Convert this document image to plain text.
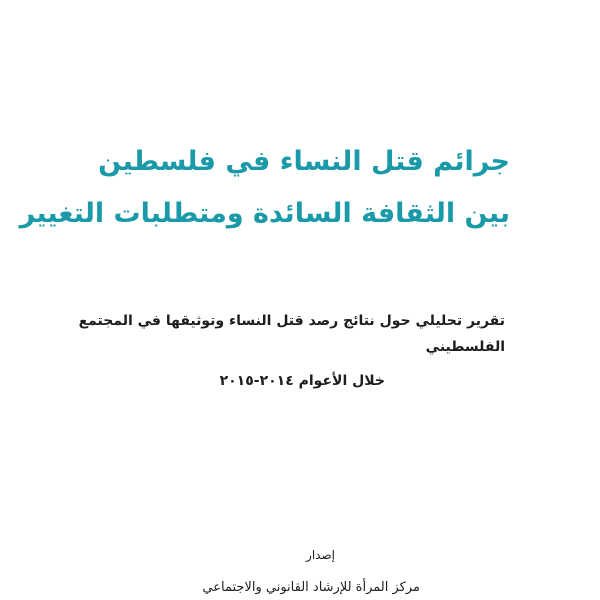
جرائم قتل النساء في فلسطين
بين الثقافة السائدة ومتطلبات التغيير
تقرير تحليلي حول نتائج رصد قتل النساء وتوثيقها في المجتمع
الفلسطيني
خلال الأعوام ٢٠١٤-٢٠١٥
إصدار
مركز المرأة للإرشاد القانوني والاجتماعي
